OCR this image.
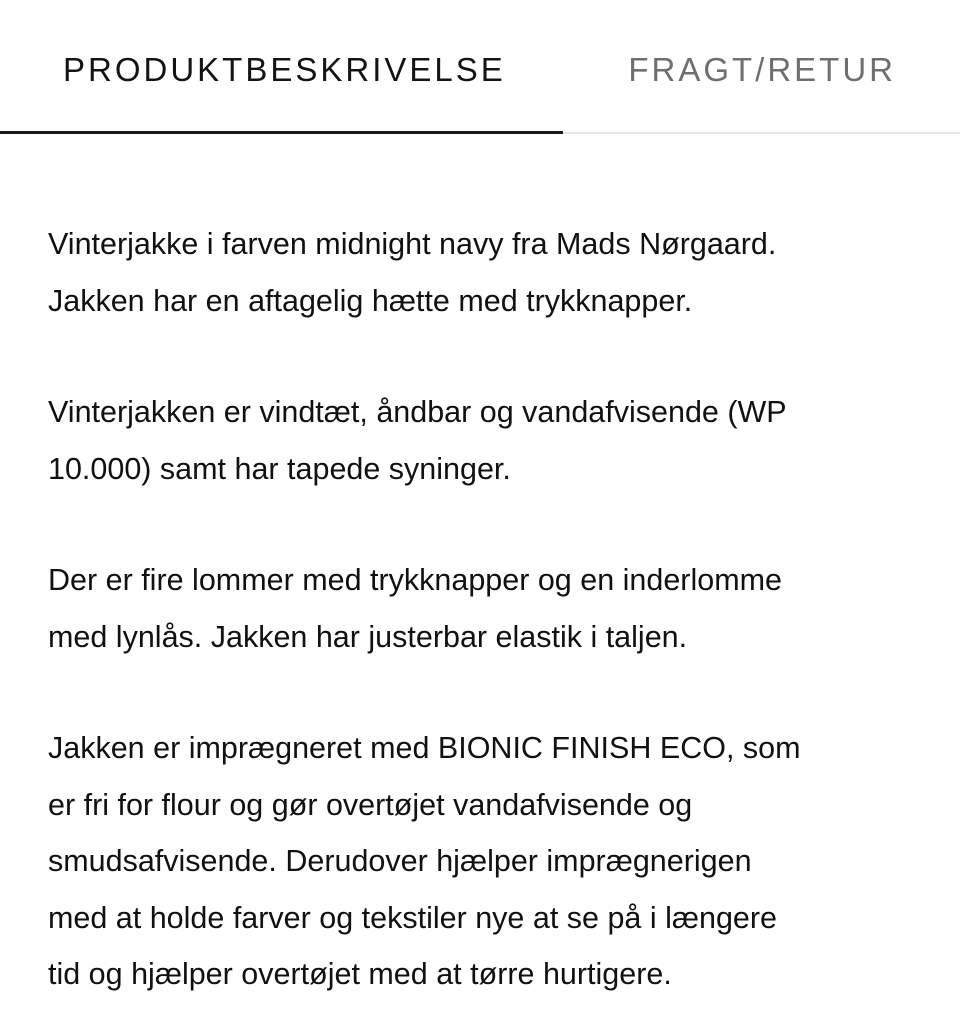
PRODUKTBESKRIVELSE	FRAGT/RETUR

Vinterjakke i farven midnight navy fra Mads Nørgaard.
Jakken har en aftagelig hætte med trykknapper.

Vinterjakken er vindtæt, åndbar og vandafvisende (WP
10.000) samt har tapede syninger.

Der er fire lommer med trykknapper og en inderlomme
med lynlås. Jakken har justerbar elastik i taljen.

Jakken er imprægneret med BIONIC FINISH ECO, som
er fri for flour og gør overtøjet vandafvisende og
smudsafvisende. Derudover hjælper imprægnerigen
med at holde farver og tekstiler nye at se på i længere
tid og hjælper overtøjet med at tørre hurtigere.
